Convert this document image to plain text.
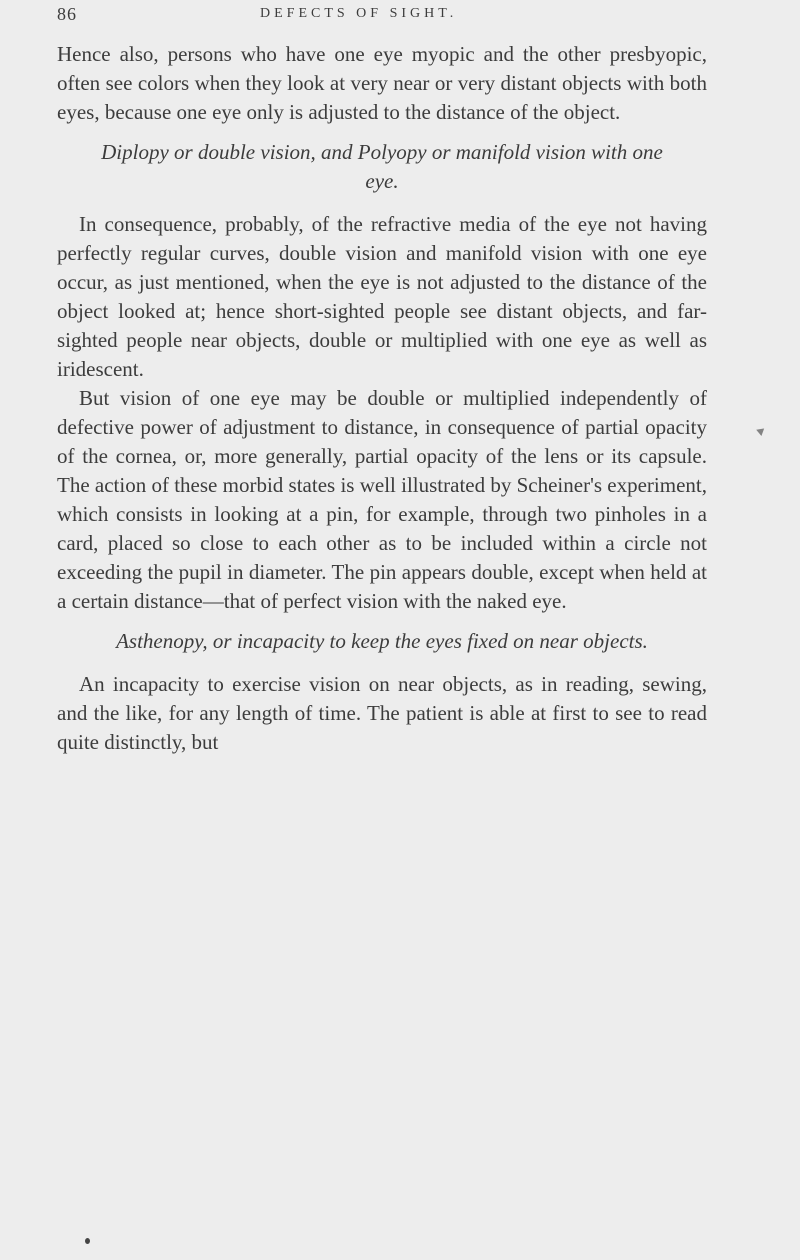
86	DEFECTS OF SIGHT.

Hence also, persons who have one eye myopic and the other presbyopic, often see colors when they look at very near or very distant objects with both eyes, because one eye only is adjusted to the distance of the object.

Diplopy or double vision, and Polyopy or manifold vision with one eye.

In consequence, probably, of the refractive media of the eye not having perfectly regular curves, double vision and manifold vision with one eye occur, as just mentioned, when the eye is not adjusted to the distance of the object looked at; hence short-sighted people see distant objects, and far-sighted people near objects, double or multiplied with one eye as well as iridescent.

But vision of one eye may be double or multiplied independently of defective power of adjustment to distance, in consequence of partial opacity of the cornea, or, more generally, partial opacity of the lens or its capsule. The action of these morbid states is well illustrated by Scheiner's experiment, which consists in looking at a pin, for example, through two pinholes in a card, placed so close to each other as to be included within a circle not exceeding the pupil in diameter. The pin appears double, except when held at a certain distance—that of perfect vision with the naked eye.

Asthenopy, or incapacity to keep the eyes fixed on near objects.

An incapacity to exercise vision on near objects, as in reading, sewing, and the like, for any length of time. The patient is able at first to see to read quite distinctly, but
